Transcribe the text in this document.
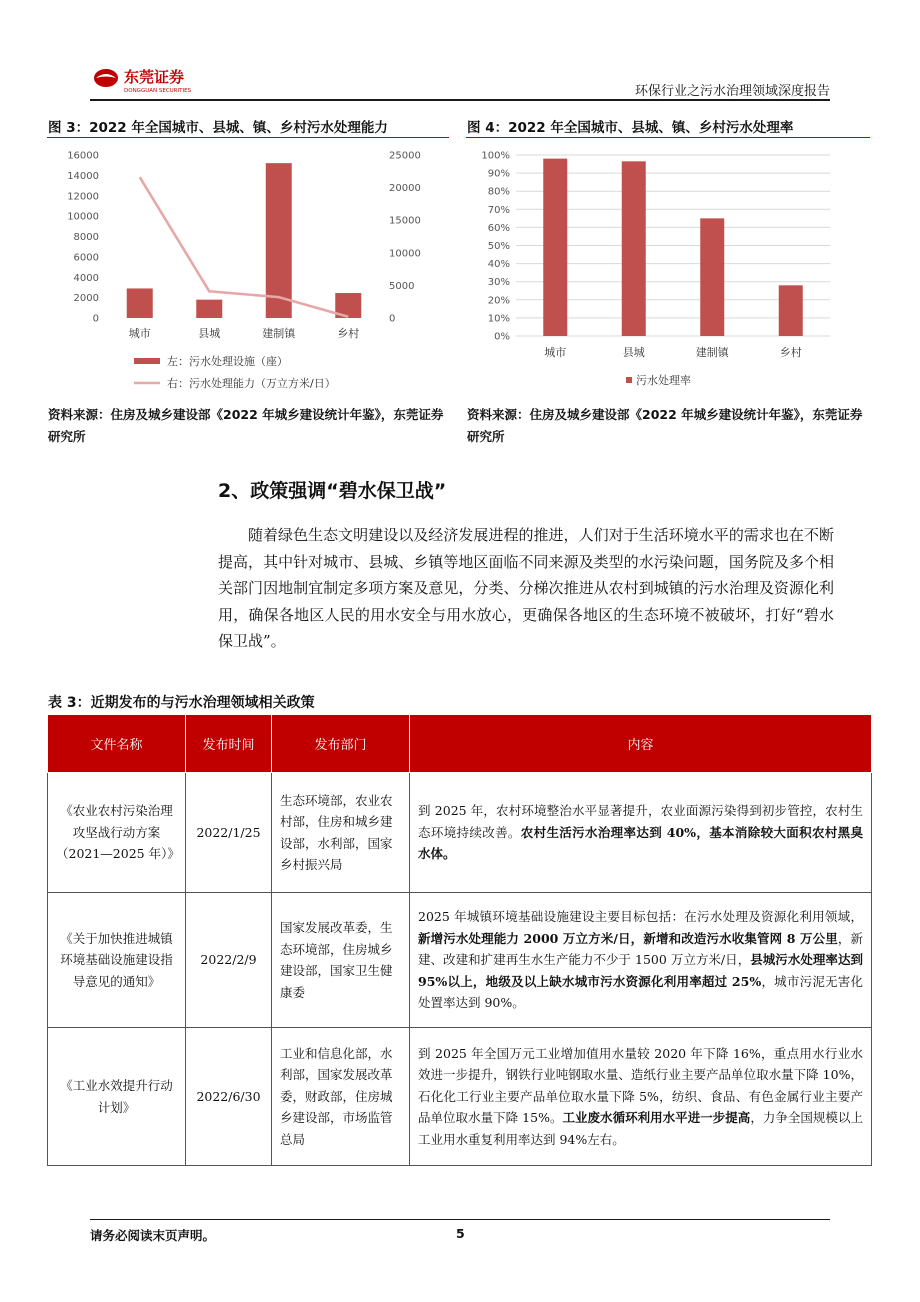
东莞证券
DONGGUAN SECURITIES	环保行业之污水治理领域深度报告
图 3：2022 年全国城市、县城、镇、乡村污水处理能力	图 4：2022 年全国城市、县城、镇、乡村污水处理率
0
2000
4000
6000
8000
10000
12000
14000
16000
0
5000
10000
15000
20000
25000
城市	县城	建制镇	乡村
左：污水处理设施（座）
右：污水处理能力（万立方米/日）
0%
10%
20%
30%
40%
50%
60%
70%
80%
90%
100%
城市	县城	建制镇	乡村
污水处理率
资料来源：住房及城乡建设部《2022 年城乡建设统计年鉴》，东莞证券研究所
资料来源：住房及城乡建设部《2022 年城乡建设统计年鉴》，东莞证券研究所
2、政策强调“碧水保卫战”
随着绿色生态文明建设以及经济发展进程的推进，人们对于生活环境水平的需求也在不断提高，其中针对城市、县城、乡镇等地区面临不同来源及类型的水污染问题，国务院及多个相关部门因地制宜制定多项方案及意见，分类、分梯次推进从农村到城镇的污水治理及资源化利用，确保各地区人民的用水安全与用水放心，更确保各地区的生态环境不被破坏，打好“碧水保卫战”。
表 3：近期发布的与污水治理领域相关政策
文件名称	发布时间	发布部门	内容
《农业农村污染治理攻坚战行动方案（2021—2025 年）》	2022/1/25	生态环境部，农业农村部，住房和城乡建设部，水利部，国家乡村振兴局	到 2025 年，农村环境整治水平显著提升，农业面源污染得到初步管控，农村生态环境持续改善。农村生活污水治理率达到 40%，基本消除较大面积农村黑臭水体。
《关于加快推进城镇环境基础设施建设指导意见的通知》	2022/2/9	国家发展改革委，生态环境部，住房城乡建设部，国家卫生健康委	2025 年城镇环境基础设施建设主要目标包括：在污水处理及资源化利用领域，新增污水处理能力 2000 万立方米/日，新增和改造污水收集管网 8 万公里，新建、改建和扩建再生水生产能力不少于 1500 万立方米/日，县城污水处理率达到 95%以上，地级及以上缺水城市污水资源化利用率超过 25%，城市污泥无害化处置率达到 90%。
《工业水效提升行动计划》	2022/6/30	工业和信息化部，水利部，国家发展改革委，财政部，住房城乡建设部，市场监管总局	到 2025 年全国万元工业增加值用水量较 2020 年下降 16%，重点用水行业水效进一步提升，钢铁行业吨钢取水量、造纸行业主要产品单位取水量下降 10%，石化化工行业主要产品单位取水量下降 5%，纺织、食品、有色金属行业主要产品单位取水量下降 15%。工业废水循环利用水平进一步提高，力争全国规模以上工业用水重复利用率达到 94%左右。
请务必阅读末页声明。	5
